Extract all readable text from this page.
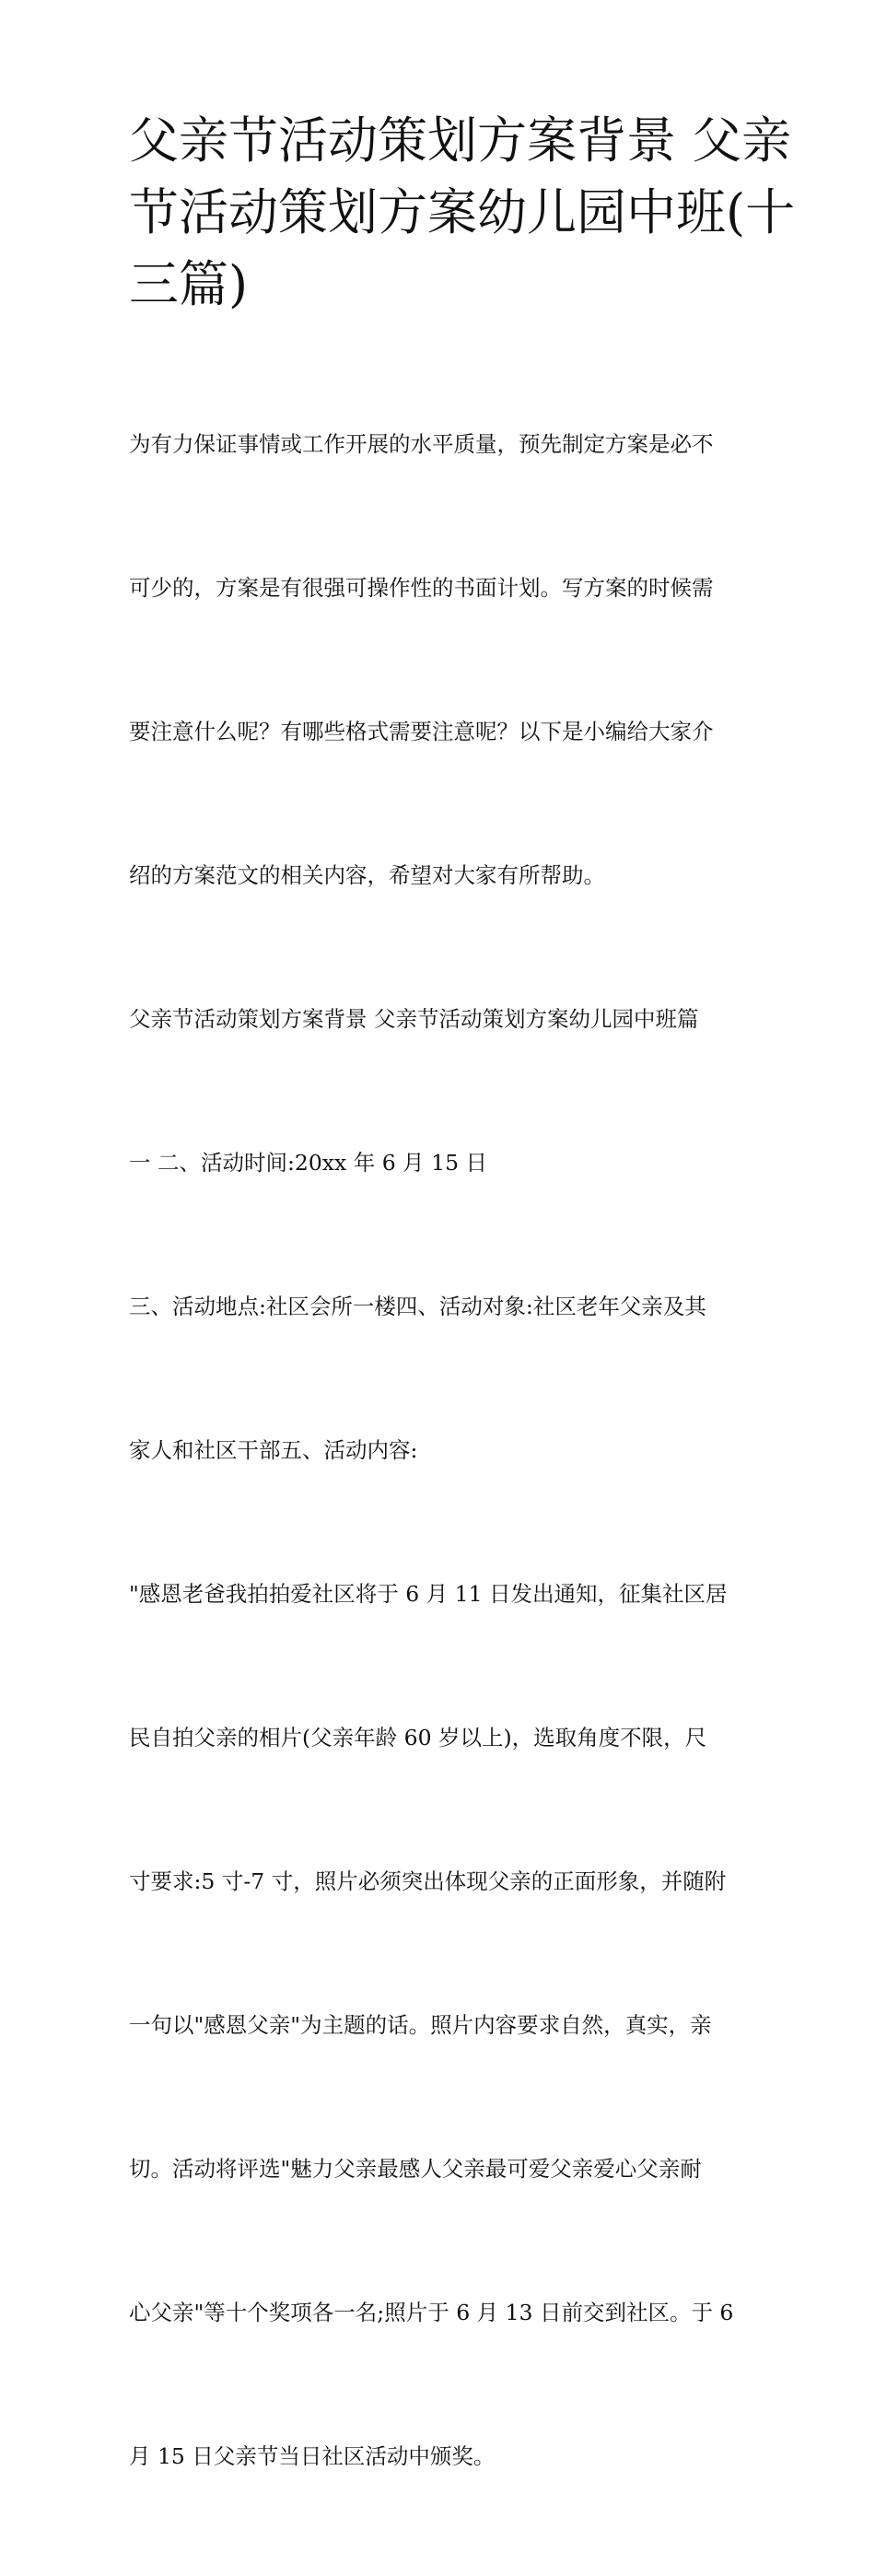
父亲节活动策划方案背景 父亲
节活动策划方案幼儿园中班(十
三篇)

为有力保证事情或工作开展的水平质量，预先制定方案是必不

可少的，方案是有很强可操作性的书面计划。写方案的时候需

要注意什么呢？有哪些格式需要注意呢？以下是小编给大家介

绍的方案范文的相关内容，希望对大家有所帮助。

父亲节活动策划方案背景 父亲节活动策划方案幼儿园中班篇

一 二、活动时间:20xx 年 6 月 15 日

三、活动地点:社区会所一楼四、活动对象:社区老年父亲及其

家人和社区干部五、活动内容:

"感恩老爸我拍拍爱社区将于 6 月 11 日发出通知，征集社区居

民自拍父亲的相片(父亲年龄 60 岁以上)，选取角度不限，尺

寸要求:5 寸-7 寸，照片必须突出体现父亲的正面形象，并随附

一句以"感恩父亲"为主题的话。照片内容要求自然，真实，亲

切。活动将评选"魅力父亲最感人父亲最可爱父亲爱心父亲耐

心父亲"等十个奖项各一名;照片于 6 月 13 日前交到社区。于 6

月 15 日父亲节当日社区活动中颁奖。
